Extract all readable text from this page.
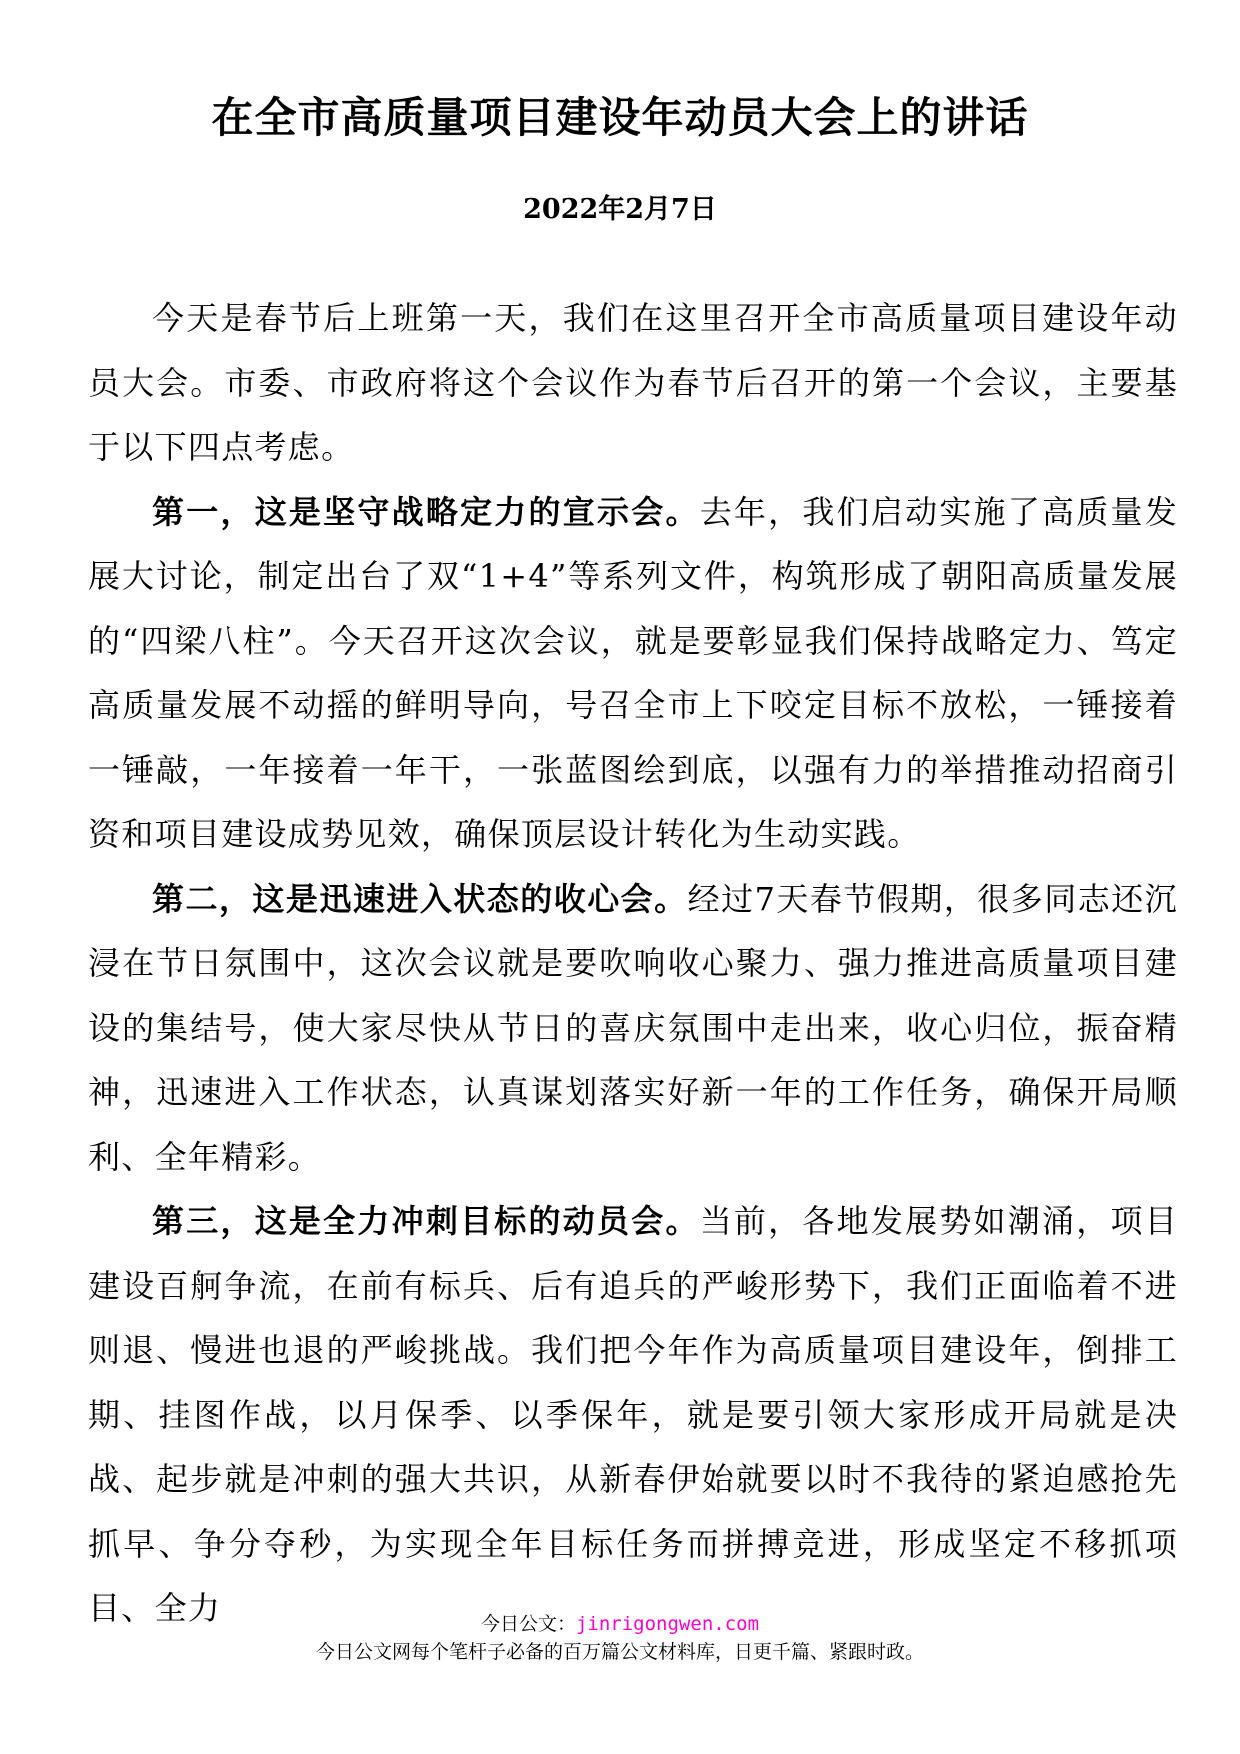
在全市高质量项目建设年动员大会上的讲话
2022年2月7日

今天是春节后上班第一天，我们在这里召开全市高质量项目建设年动员大会。市委、市政府将这个会议作为春节后召开的第一个会议，主要基于以下四点考虑。

第一，这是坚守战略定力的宣示会。去年，我们启动实施了高质量发展大讨论，制定出台了双“1+4”等系列文件，构筑形成了朝阳高质量发展的“四梁八柱”。今天召开这次会议，就是要彰显我们保持战略定力、笃定高质量发展不动摇的鲜明导向，号召全市上下咬定目标不放松，一锤接着一锤敲，一年接着一年干，一张蓝图绘到底，以强有力的举措推动招商引资和项目建设成势见效，确保顶层设计转化为生动实践。

第二，这是迅速进入状态的收心会。经过7天春节假期，很多同志还沉浸在节日氛围中，这次会议就是要吹响收心聚力、强力推进高质量项目建设的集结号，使大家尽快从节日的喜庆氛围中走出来，收心归位，振奋精神，迅速进入工作状态，认真谋划落实好新一年的工作任务，确保开局顺利、全年精彩。

第三，这是全力冲刺目标的动员会。当前，各地发展势如潮涌，项目建设百舸争流，在前有标兵、后有追兵的严峻形势下，我们正面临着不进则退、慢进也退的严峻挑战。我们把今年作为高质量项目建设年，倒排工期、挂图作战，以月保季、以季保年，就是要引领大家形成开局就是决战、起步就是冲刺的强大共识，从新春伊始就要以时不我待的紧迫感抢先抓早、争分夺秒，为实现全年目标任务而拼搏竞进，形成坚定不移抓项目、全力	今日公文：jinrigongwen.com
今日公文网每个笔杆子必备的百万篇公文材料库，日更千篇、紧跟时政。
